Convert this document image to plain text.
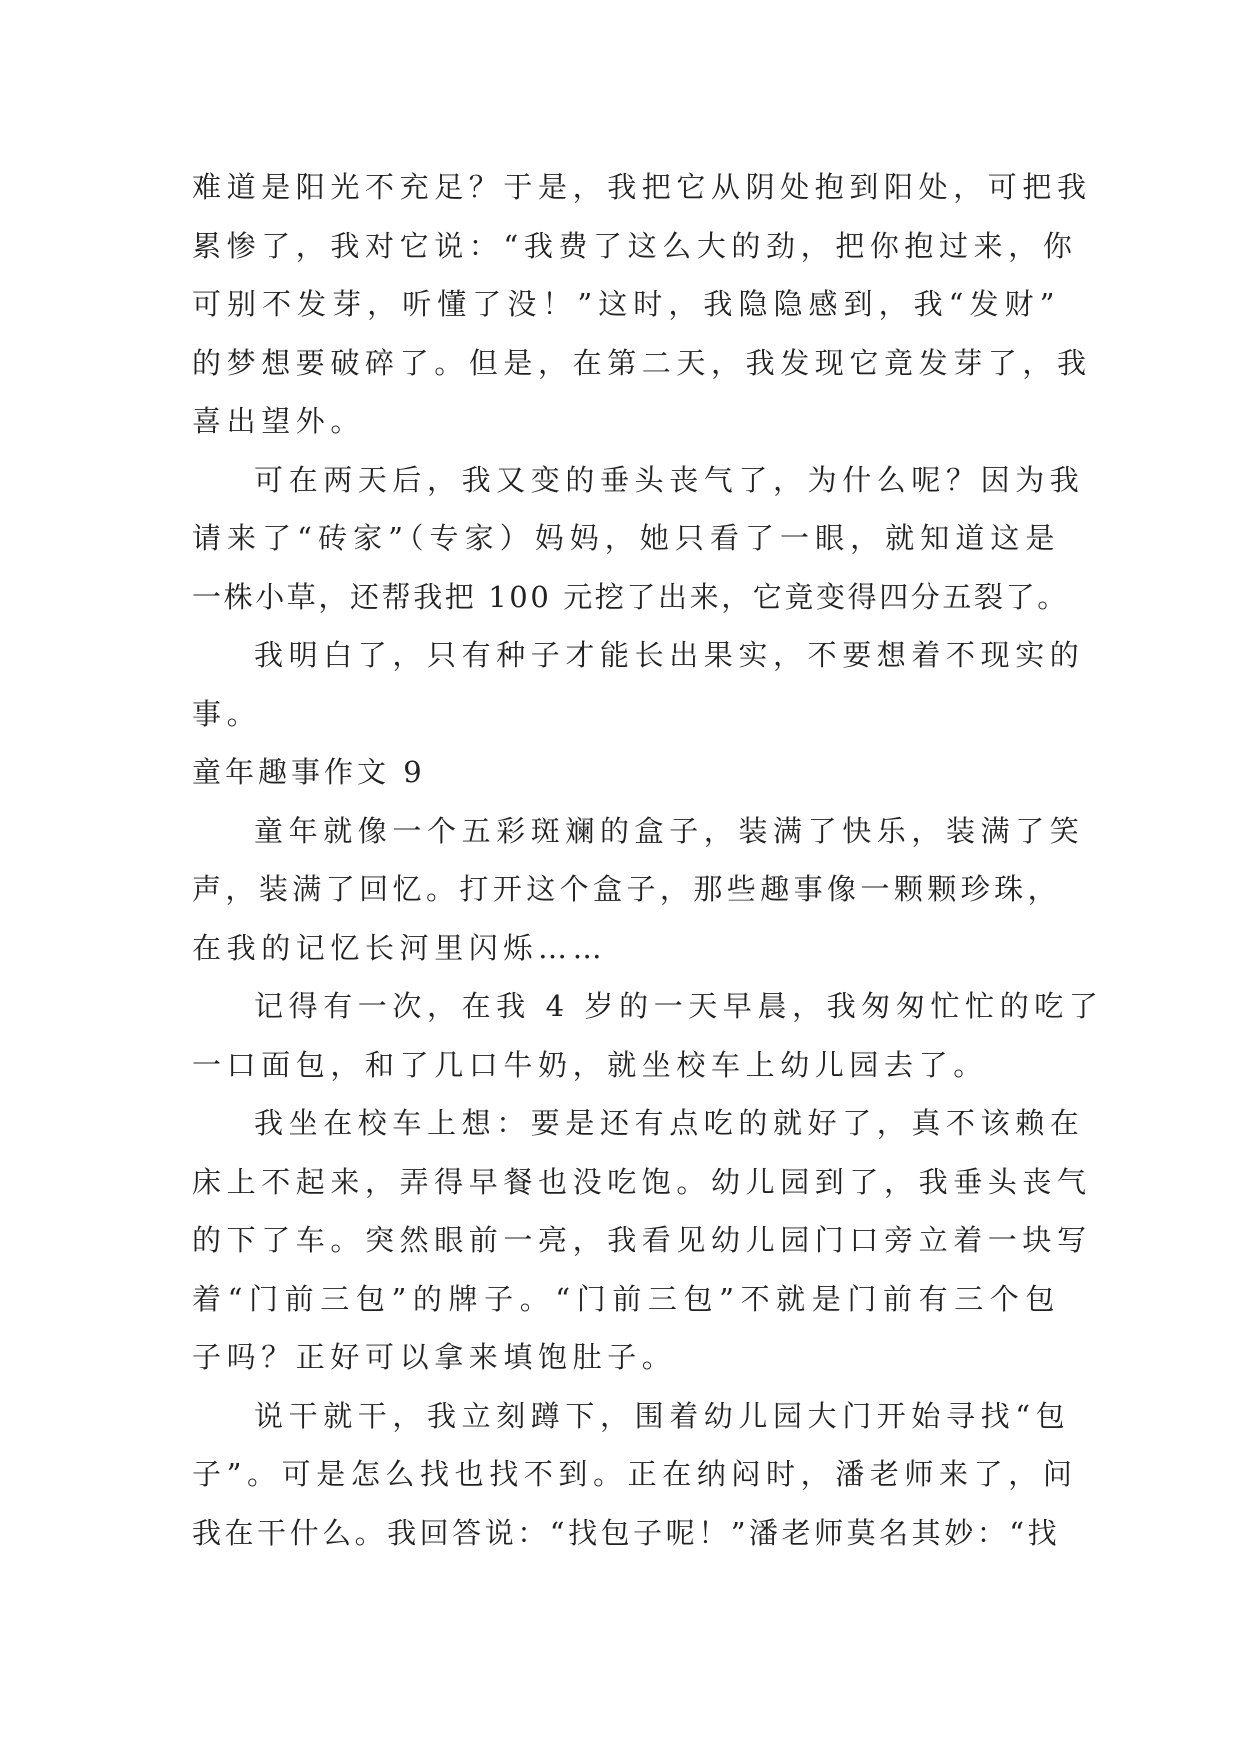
难道是阳光不充足？于是，我把它从阴处抱到阳处，可把我
累惨了，我对它说：“我费了这么大的劲，把你抱过来，你
可别不发芽，听懂了没！”这时，我隐隐感到，我“发财”
的梦想要破碎了。但是，在第二天，我发现它竟发芽了，我
喜出望外。
可在两天后，我又变的垂头丧气了，为什么呢？因为我
请来了“砖家”（专家）妈妈，她只看了一眼，就知道这是
一株小草，还帮我把 100 元挖了出来，它竟变得四分五裂了。
我明白了，只有种子才能长出果实，不要想着不现实的
事。
童年趣事作文 9
童年就像一个五彩斑斓的盒子，装满了快乐，装满了笑
声，装满了回忆。打开这个盒子，那些趣事像一颗颗珍珠，
在我的记忆长河里闪烁……
记得有一次，在我 4 岁的一天早晨，我匆匆忙忙的吃了
一口面包，和了几口牛奶，就坐校车上幼儿园去了。
我坐在校车上想：要是还有点吃的就好了，真不该赖在
床上不起来，弄得早餐也没吃饱。幼儿园到了，我垂头丧气
的下了车。突然眼前一亮，我看见幼儿园门口旁立着一块写
着“门前三包”的牌子。“门前三包”不就是门前有三个包
子吗？正好可以拿来填饱肚子。
说干就干，我立刻蹲下，围着幼儿园大门开始寻找“包
子”。可是怎么找也找不到。正在纳闷时，潘老师来了，问
我在干什么。我回答说：“找包子呢！”潘老师莫名其妙：“找
